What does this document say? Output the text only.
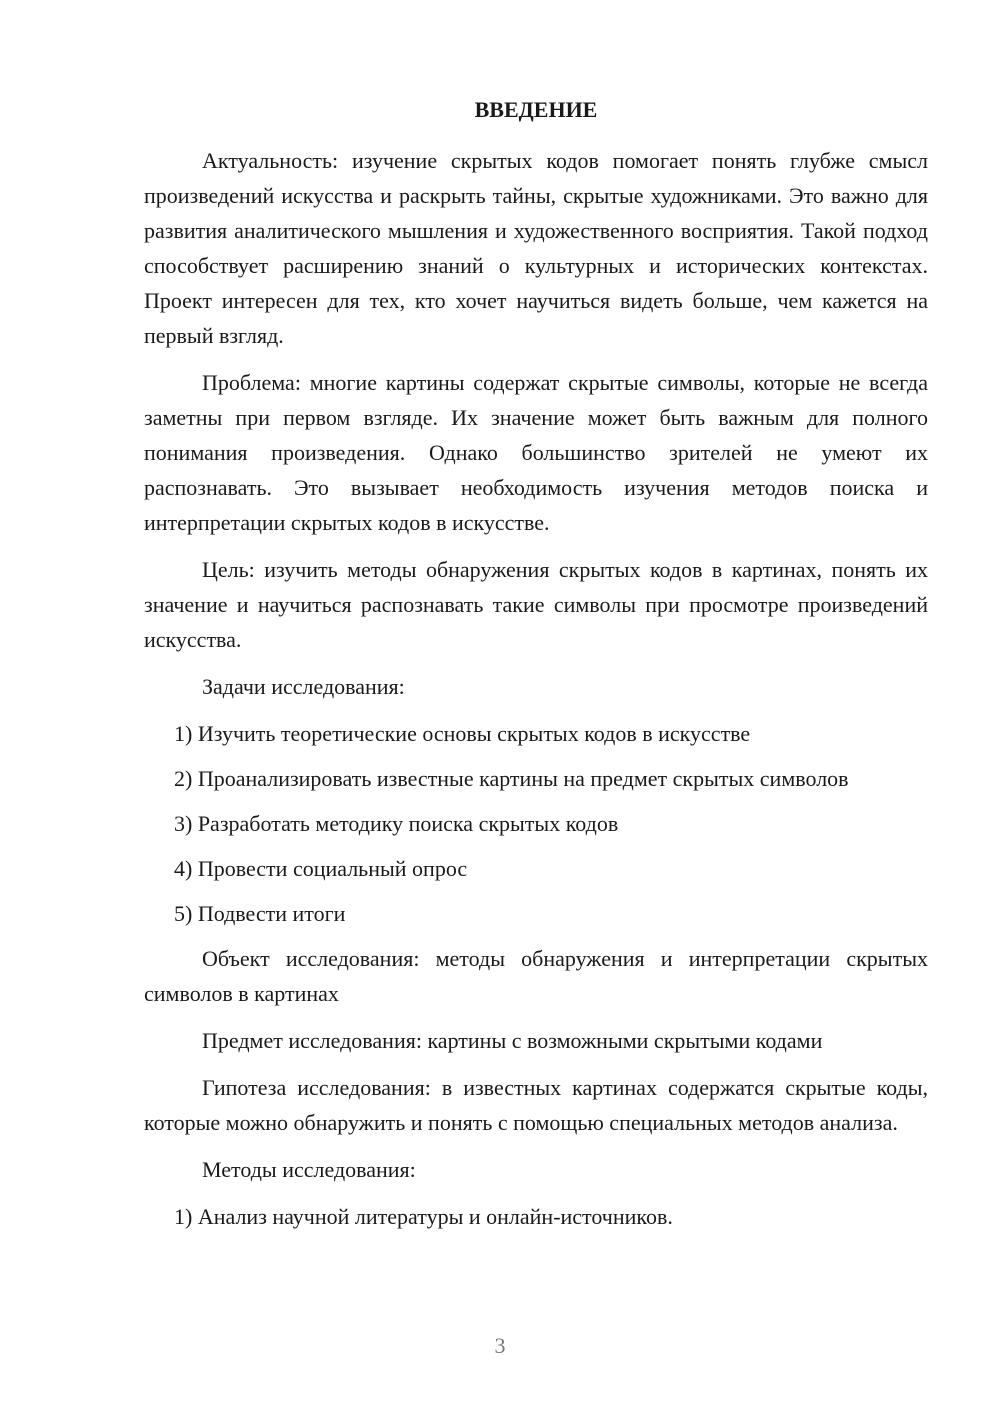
ВВЕДЕНИЕ

Актуальность: изучение скрытых кодов помогает понять глубже смысл произведений искусства и раскрыть тайны, скрытые художниками. Это важно для развития аналитического мышления и художественного восприятия. Такой подход способствует расширению знаний о культурных и исторических контекстах. Проект интересен для тех, кто хочет научиться видеть больше, чем кажется на первый взгляд.

Проблема: многие картины содержат скрытые символы, которые не всегда заметны при первом взгляде. Их значение может быть важным для полного понимания произведения. Однако большинство зрителей не умеют их распознавать. Это вызывает необходимость изучения методов поиска и интерпретации скрытых кодов в искусстве.

Цель: изучить методы обнаружения скрытых кодов в картинах, понять их значение и научиться распознавать такие символы при просмотре произведений искусства.

Задачи исследования:

1) Изучить теоретические основы скрытых кодов в искусстве

2) Проанализировать известные картины на предмет скрытых символов

3) Разработать методику поиска скрытых кодов

4) Провести социальный опрос

5) Подвести итоги

Объект исследования: методы обнаружения и интерпретации скрытых символов в картинах

Предмет исследования: картины с возможными скрытыми кодами

Гипотеза исследования: в известных картинах содержатся скрытые коды, которые можно обнаружить и понять с помощью специальных методов анализа.

Методы исследования:

1) Анализ научной литературы и онлайн-источников.

3
